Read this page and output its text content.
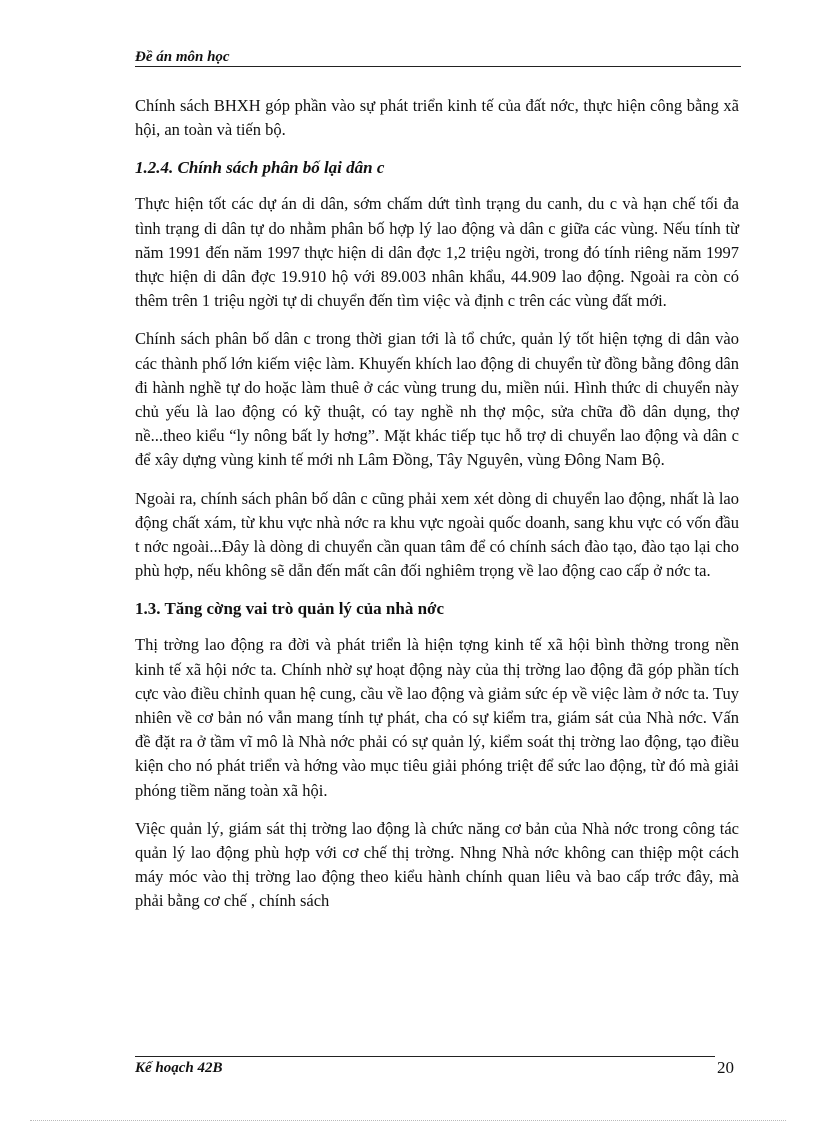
Đề án môn học

Chính sách BHXH góp phần vào sự phát triển kinh tế của đất nớc, thực hiện công bằng xã hội, an toàn và tiến bộ.

1.2.4. Chính sách phân bố lại dân c

Thực hiện tốt các dự án di dân, sớm chấm dứt tình trạng du canh, du c và hạn chế tối đa tình trạng di dân tự do nhằm phân bố hợp lý lao động và dân c giữa các vùng. Nếu tính từ năm 1991 đến năm 1997 thực hiện di dân đợc 1,2 triệu ngời, trong đó tính riêng năm 1997 thực hiện di dân đợc 19.910 hộ với 89.003 nhân khẩu, 44.909 lao động. Ngoài ra còn có thêm trên 1 triệu ngời tự di chuyển đến tìm việc và định c trên các vùng đất mới.

Chính sách phân bố dân c trong thời gian tới là tổ chức, quản lý tốt hiện tợng di dân vào các thành phố lớn kiếm việc làm. Khuyến khích lao động di chuyển từ đồng bằng đông dân đi hành nghề tự do hoặc làm thuê ở các vùng trung du, miền núi. Hình thức di chuyển này chủ yếu là lao động có kỹ thuật, có tay nghề nh thợ mộc, sửa chữa đồ dân dụng, thợ nề...theo kiểu “ly nông bất ly hơng”. Mặt khác tiếp tục hỗ trợ di chuyển lao động và dân c để xây dựng vùng kinh tế mới nh Lâm Đồng, Tây Nguyên, vùng Đông Nam Bộ.

Ngoài ra, chính sách phân bố dân c cũng phải xem xét dòng di chuyển lao động, nhất là lao động chất xám, từ khu vực nhà nớc ra khu vực ngoài quốc doanh, sang khu vực có vốn đầu t nớc ngoài...Đây là dòng di chuyển cần quan tâm để có chính sách đào tạo, đào tạo lại cho phù hợp, nếu không sẽ dẫn đến mất cân đối nghiêm trọng về lao động cao cấp ở nớc ta.

1.3. Tăng cờng vai trò quản lý của nhà nớc

Thị trờng lao động ra đời và phát triển là hiện tợng kinh tế xã hội bình thờng trong nền kinh tế xã hội nớc ta. Chính nhờ sự hoạt động này của thị trờng lao động đã góp phần tích cực vào điều chỉnh quan hệ cung, cầu về lao động và giảm sức ép về việc làm ở nớc ta. Tuy nhiên về cơ bản nó vẫn mang tính tự phát, cha có sự kiểm tra, giám sát của Nhà nớc. Vấn đề đặt ra ở tầm vĩ mô là Nhà nớc phải có sự quản lý, kiểm soát thị trờng lao động, tạo điều kiện cho nó phát triển và hớng vào mục tiêu giải phóng triệt để sức lao động, từ đó mà giải phóng tiềm năng toàn xã hội.

Việc quản lý, giám sát thị trờng lao động là chức năng cơ bản của Nhà nớc trong công tác quản lý lao động phù hợp với cơ chế thị trờng. Nhng Nhà nớc không can thiệp một cách máy móc vào thị trờng lao động theo kiểu hành chính quan liêu và bao cấp trớc đây, mà phải bằng cơ chế , chính sách

Kế hoạch 42B	20
